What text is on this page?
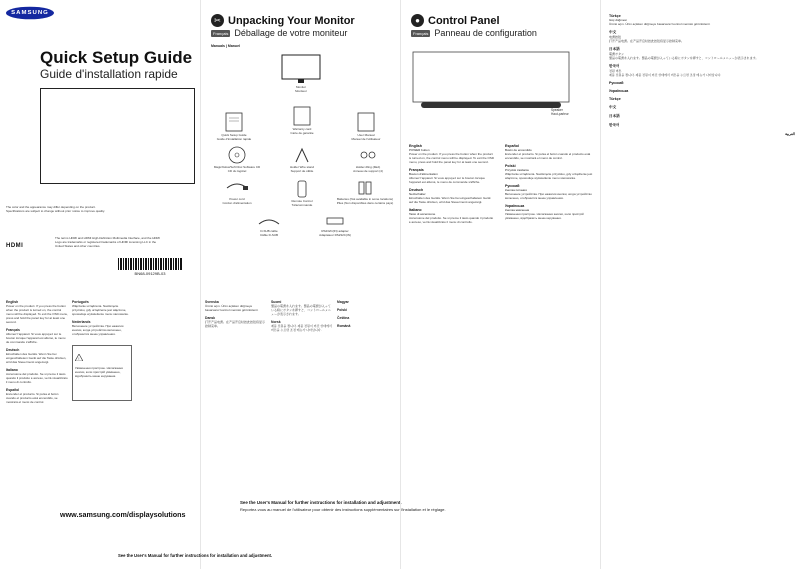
SAMSUNG
Quick Setup Guide
Guide d'installation rapide
The color and the appearance may differ depending on the product. Specifications are subject to change without prior notice to improve quality.
HDMI
The terms HDMI and HDMI High-Definition Multimedia Interface, and the HDMI Logo are trademarks or registered trademarks of HDMI Licensing LLC in the United States and other countries.
BN68-09129B-03
English
Power on the product. If you press the button when the product is turned on, the control menu will be displayed. To exit the OSD menu, press and hold the panel key for at least one second.
Français
Allumez l'appareil. Si vous appuyez sur le bouton lorsque l'appareil est allumé, le menu de commande s'affiche.
Deutsch
Einschalten des Geräts. Wenn Sie bei eingeschaltetem Gerät auf die Taste drücken, wird das Steuermenü angezeigt.
Italiano
Accensione del prodotto. Se si preme il tasto quando il prodotto è acceso, verrà visualizzato il menu di controllo.
Español
Encender el producto. Si pulsa el botón cuando el producto está encendido, se mostrará el menú de control.
Português
Włączanie urządzenia. Naciśnięcie przycisku, gdy urządzenie jest włączone, spowoduje wyświetlenie menu sterowania.
Nederlands
Включение устройства. При нажатии кнопки, когда устройство включено, отобразится меню управления.
!
Увімкнення пристрою. Натискання кнопки, коли пристрій увімкнено, відобразить меню керування.
✂ Unpacking Your Monitor
Français Déballage de votre moniteur
Manuals | Manuel
Monitor
Moniteur
Quick Setup Guide
Guide d'installation rapide
Warranty card
Carte de garantie	User Manual
Manuel de l'utilisateur
Magic/Glow/Soft Disc Software CD
CD du logiciel
Holder Wire stand
Support de câble
Holder-Ring (4EA)
Anneau de support (4)
Power cord
Cordon d'alimentation	Remote Control
Télécommande
Batteries (Not available in some locations)
Piles (Non disponibles dans certains pays)
D-SUB cable
Câble D-SUB
RS232C(IN) adapter
Adaptateur RS232C(IN)
Svenska
Ürünü açın. Ürün açıkken düğmeye basarsanız kontrol menüsü görüntülenir.
Dansk
打开产品电源。在产品开启时按此按钮将显示控制菜单。
Suomi
製品の電源を入れます。製品の電源が入っている時にボタンを押すと、コントロールメニューが表示されます。
Norsk
제품 전원을 켭니다. 제품 전원이 켜진 상태에서 버튼을 누르면 조정 메뉴가 나타납니다.
Magyar
Polski
Čeština
Română
www.samsung.com/displaysolutions
See the User's Manual for further instructions for installation and adjustment.
Reportez-vous au manuel de l'utilisateur pour obtenir des instructions supplémentaires sur l'installation et le réglage.
See the User's Manual for further instructions for installation and adjustment.
● Control Panel
Français Panneau de configuration
Speaker
Haut-parleur
English
POWER button
Power on the product. If you press the button when the product is turned on, the control menu will be displayed. To exit the OSD menu, press and hold the panel key for at least one second.
Français
Bouton d'alimentation
Allumez l'appareil. Si vous appuyez sur le bouton lorsque l'appareil est allumé, le menu de commande s'affiche.
Deutsch
Netzschalter
Einschalten des Geräts. Wenn Sie bei eingeschaltetem Gerät auf die Taste drücken, wird das Steuermenü angezeigt.
Italiano
Tasto di accensione
Accensione del prodotto. Se si preme il tasto quando il prodotto è acceso, verrà visualizzato il menu di controllo.
Español
Botón de encendido
Encender el producto. Si pulsa el botón cuando el producto está encendido, se mostrará el menú de control.
Polski
Przycisk zasilania
Włączanie urządzenia. Naciśnięcie przycisku, gdy urządzenie jest włączone, spowoduje wyświetlenie menu sterowania.
Русский
Кнопка питания
Включение устройства. При нажатии кнопки, когда устройство включено, отобразится меню управления.
Українська
Кнопка живлення
Увімкнення пристрою. Натискання кнопки, коли пристрій увімкнено, відобразить меню керування.
Türkçe
Güç düğmesi
Ürünü açın. Ürün açıkken düğmeye basarsanız kontrol menüsü görüntülenir.
中文
电源按钮
打开产品电源。在产品开启时按此按钮将显示控制菜单。
日本語
電源ボタン
製品の電源を入れます。製品の電源が入っている時にボタンを押すと、コントロールメニューが表示されます。
한국어
전원 버튼
제품 전원을 켭니다. 제품 전원이 켜진 상태에서 버튼을 누르면 조정 메뉴가 나타납니다.
Русский
Українська
Türkçe
中文
日本語
한국어
العربية
